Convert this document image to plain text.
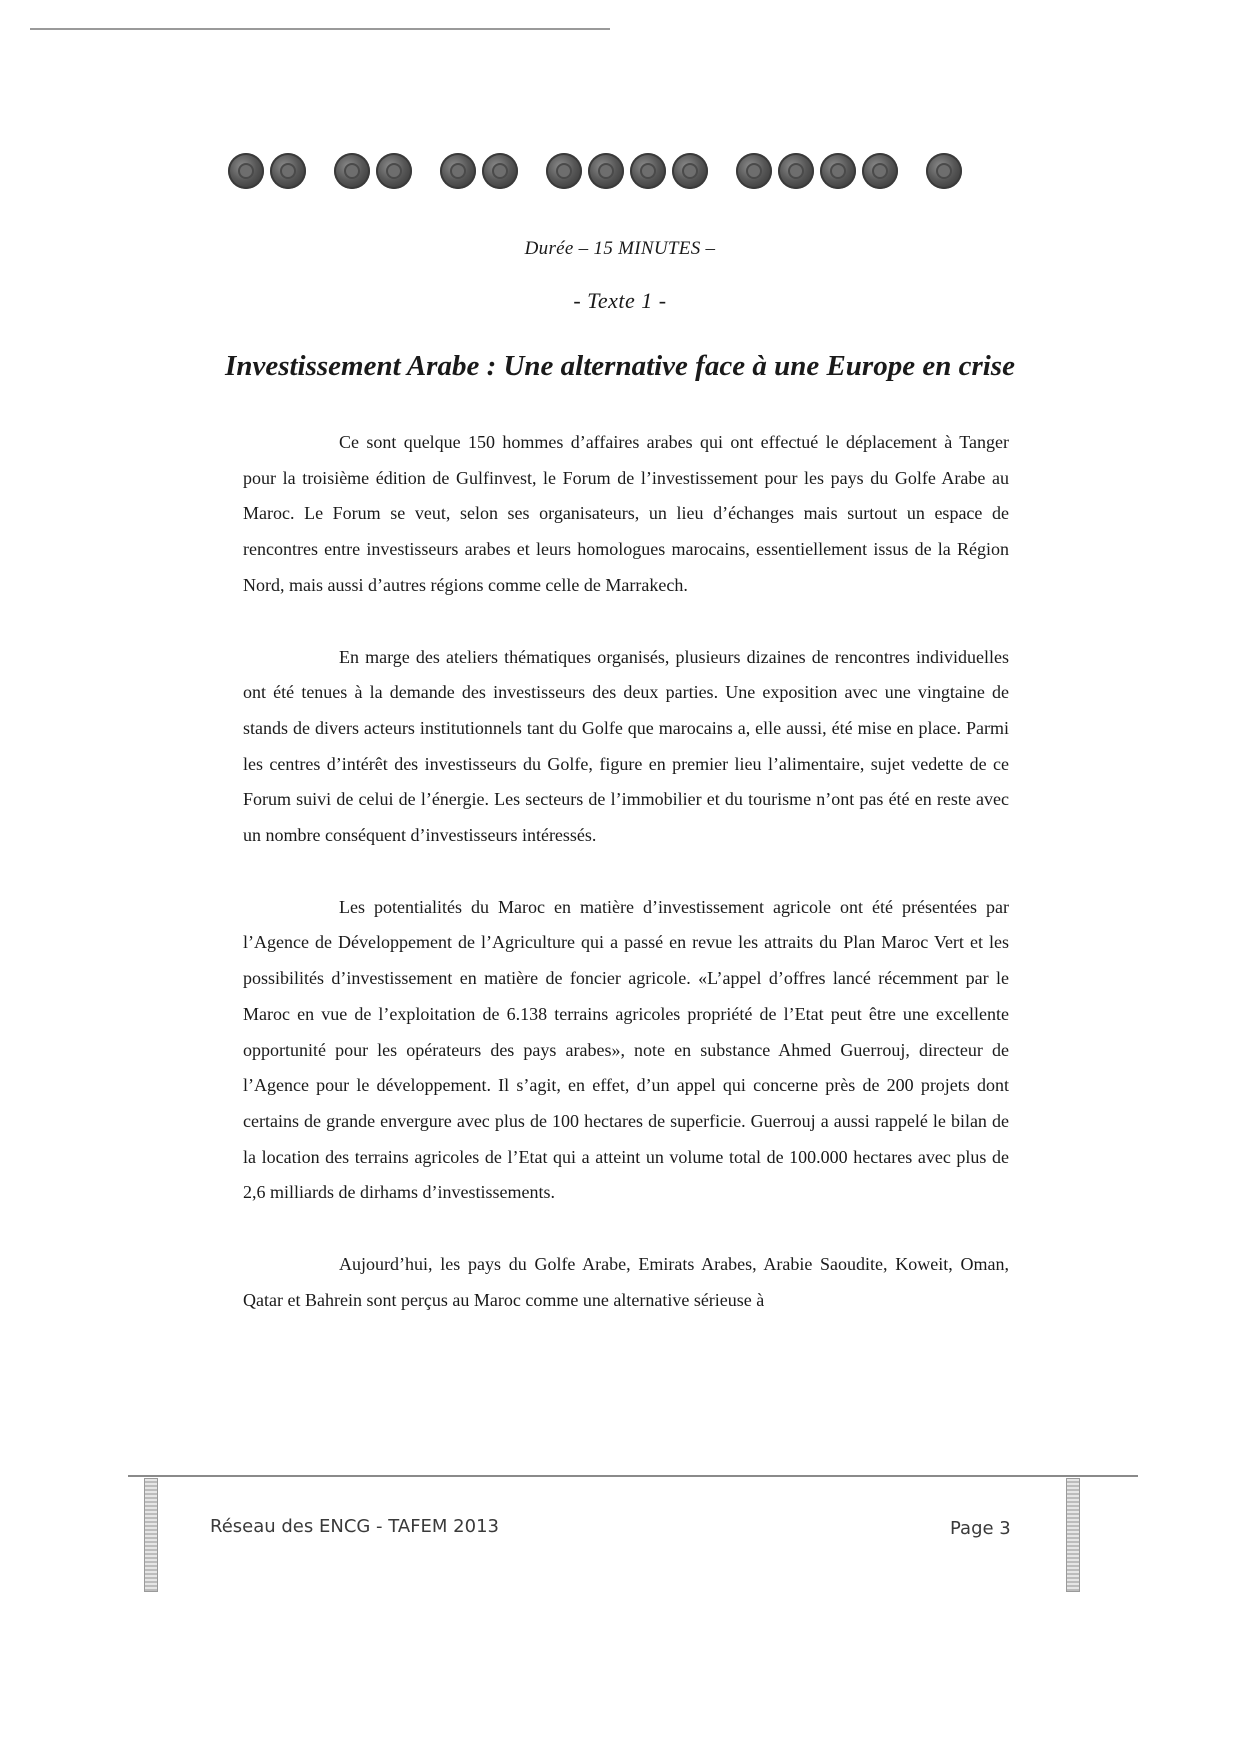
Durée – 15 MINUTES –
- Texte 1 -
Investissement Arabe : Une alternative face à une Europe en crise

Ce sont quelque 150 hommes d’affaires arabes qui ont effectué le déplacement à Tanger pour la troisième édition de Gulfinvest, le Forum de l’investissement pour les pays du Golfe Arabe au Maroc. Le Forum se veut, selon ses organisateurs, un lieu d’échanges mais surtout un espace de rencontres entre investisseurs arabes et leurs homologues marocains, essentiellement issus de la Région Nord, mais aussi d’autres régions comme celle de Marrakech.

En marge des ateliers thématiques organisés, plusieurs dizaines de rencontres individuelles ont été tenues à la demande des investisseurs des deux parties. Une exposition avec une vingtaine de stands de divers acteurs institutionnels tant du Golfe que marocains a, elle aussi, été mise en place. Parmi les centres d’intérêt des investisseurs du Golfe, figure en premier lieu l’alimentaire, sujet vedette de ce Forum suivi de celui de l’énergie. Les secteurs de l’immobilier et du tourisme n’ont pas été en reste avec un nombre conséquent d’investisseurs intéressés.

Les potentialités du Maroc en matière d’investissement agricole ont été présentées par l’Agence de Développement de l’Agriculture qui a passé en revue les attraits du Plan Maroc Vert et les possibilités d’investissement en matière de foncier agricole. «L’appel d’offres lancé récemment par le Maroc en vue de l’exploitation de 6.138 terrains agricoles propriété de l’Etat peut être une excellente opportunité pour les opérateurs des pays arabes», note en substance Ahmed Guerrouj, directeur de l’Agence pour le développement. Il s’agit, en effet, d’un appel qui concerne près de 200 projets dont certains de grande envergure avec plus de 100 hectares de superficie. Guerrouj a aussi rappelé le bilan de la location des terrains agricoles de l’Etat qui a atteint un volume total de 100.000 hectares avec plus de 2,6 milliards de dirhams d’investissements.

Aujourd’hui, les pays du Golfe Arabe, Emirats Arabes, Arabie Saoudite, Koweit, Oman, Qatar et Bahrein sont perçus au Maroc comme une alternative sérieuse à

Réseau des ENCG - TAFEM 2013	Page 3
